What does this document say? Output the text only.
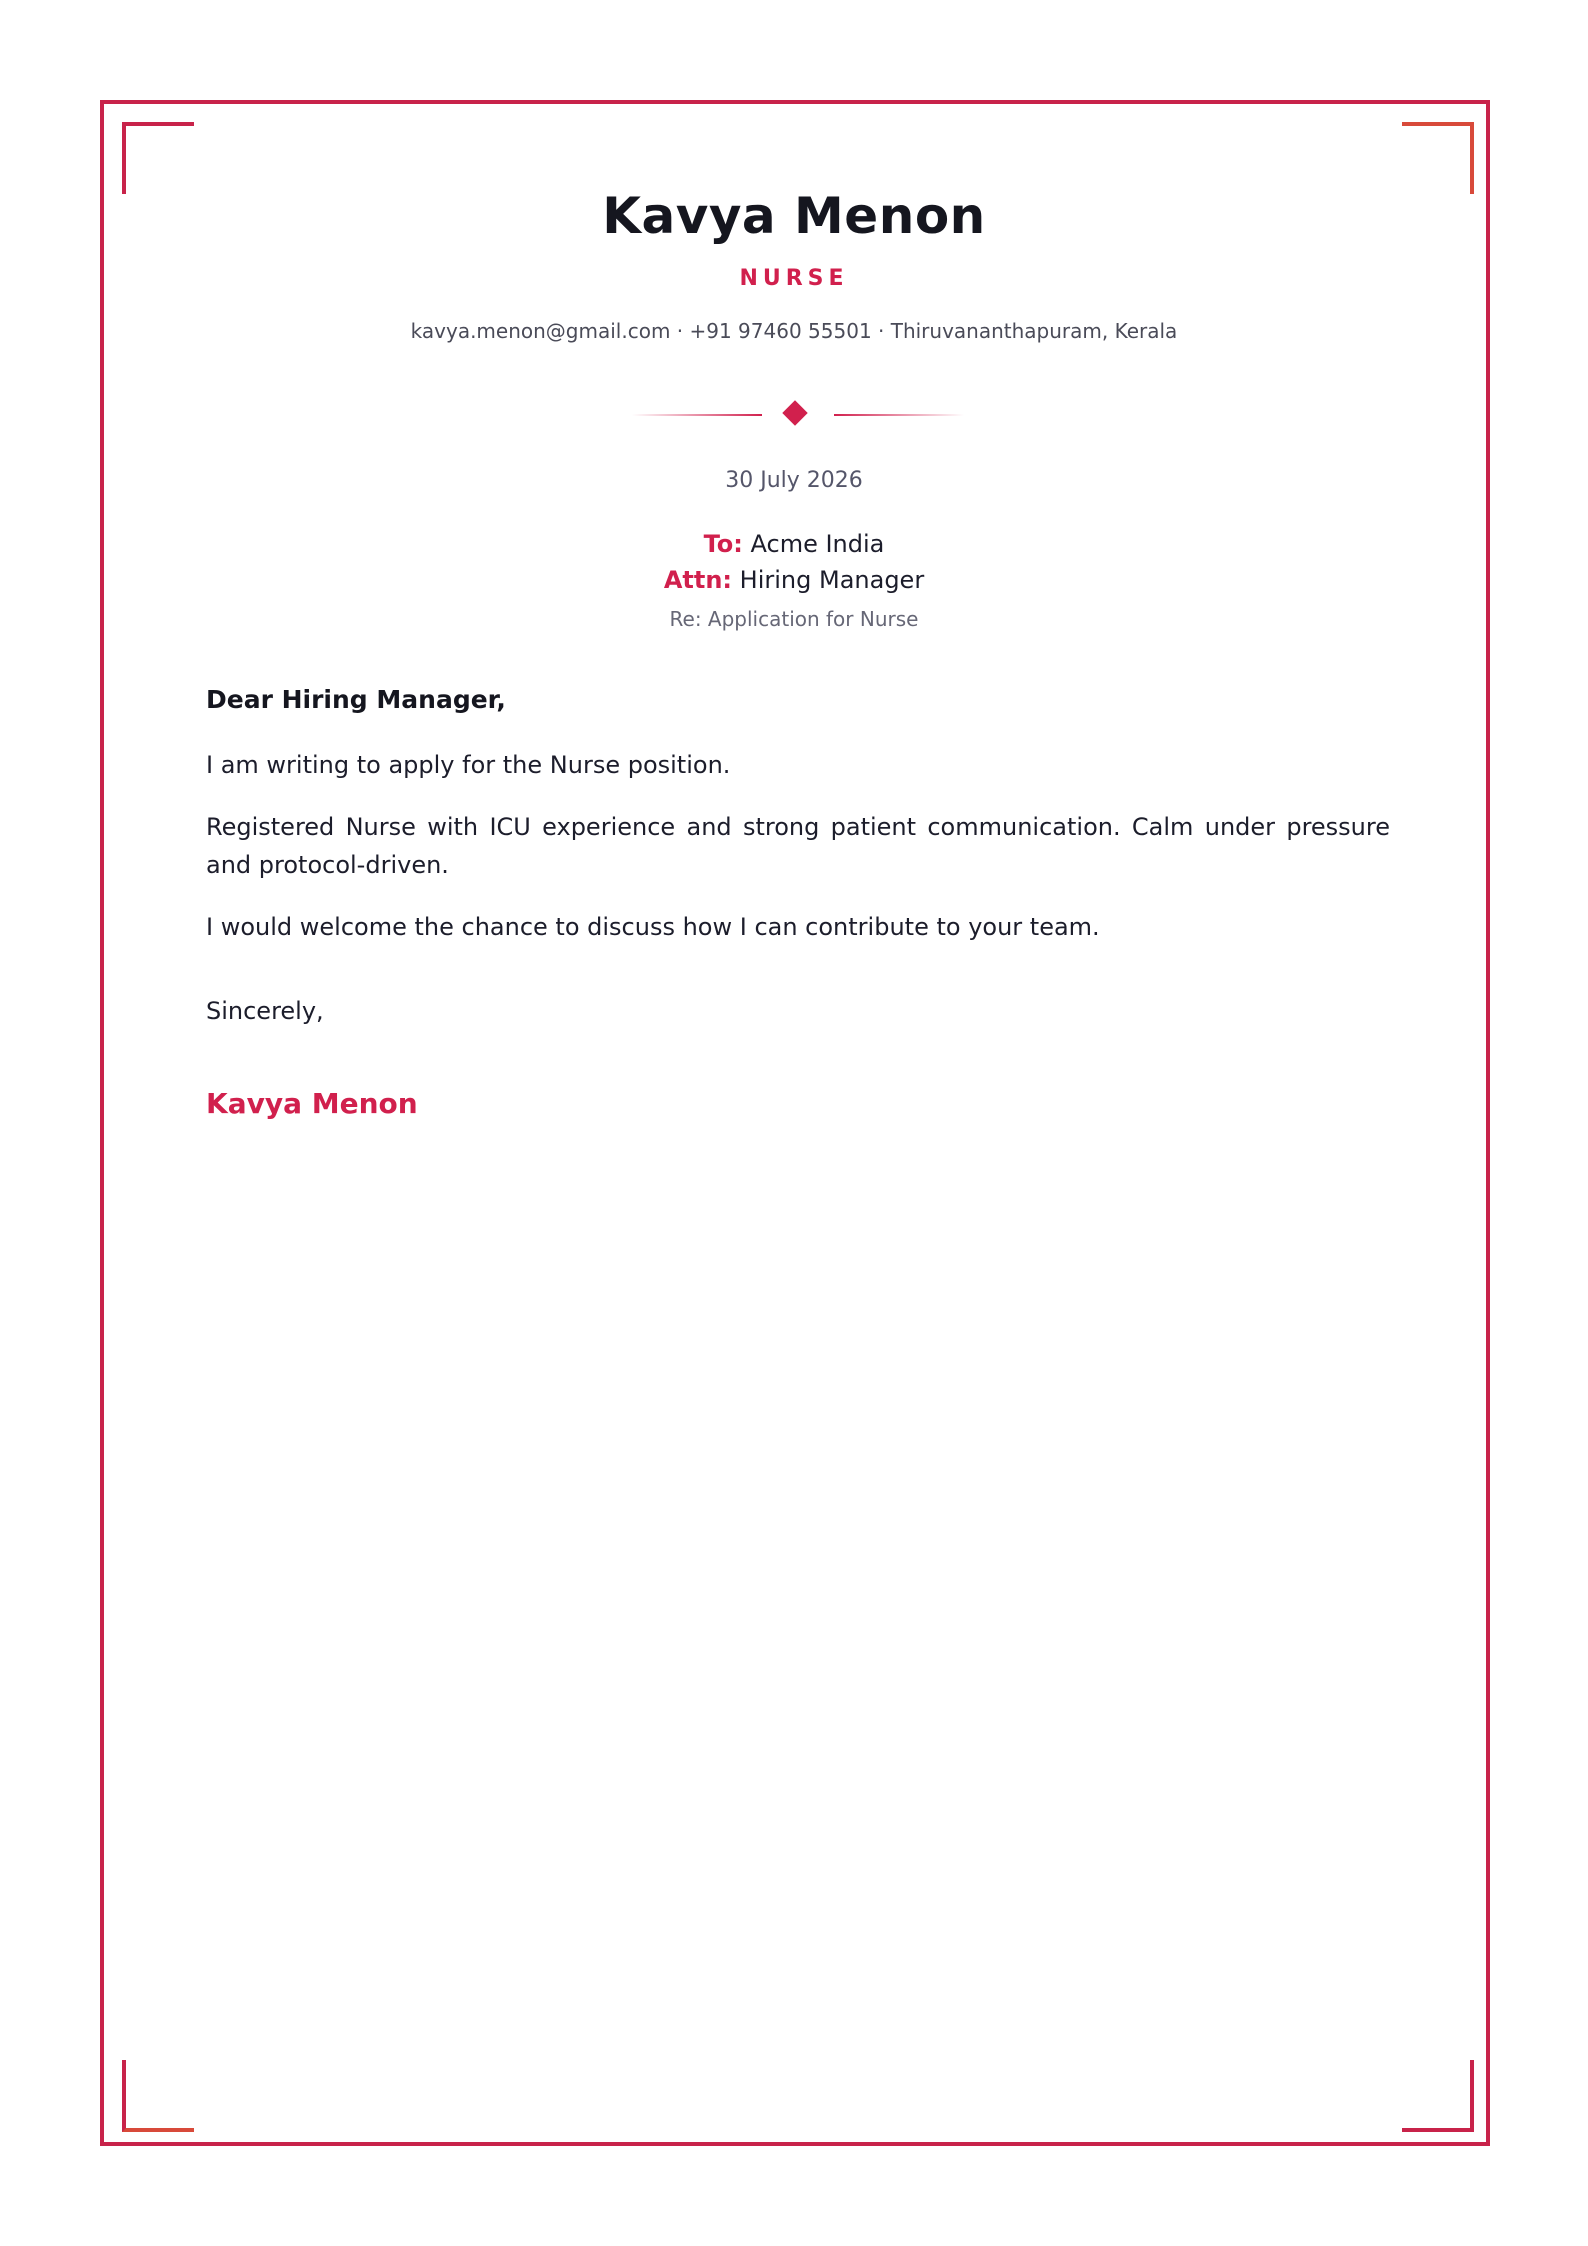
Kavya Menon
NURSE
kavya.menon@gmail.com · +91 97460 55501 · Thiruvananthapuram, Kerala
30 July 2026
To: Acme India
Attn: Hiring Manager
Re: Application for Nurse
Dear Hiring Manager,
I am writing to apply for the Nurse position.
Registered Nurse with ICU experience and strong patient communication. Calm under pressure and protocol-driven.
I would welcome the chance to discuss how I can contribute to your team.
Sincerely,
Kavya Menon
